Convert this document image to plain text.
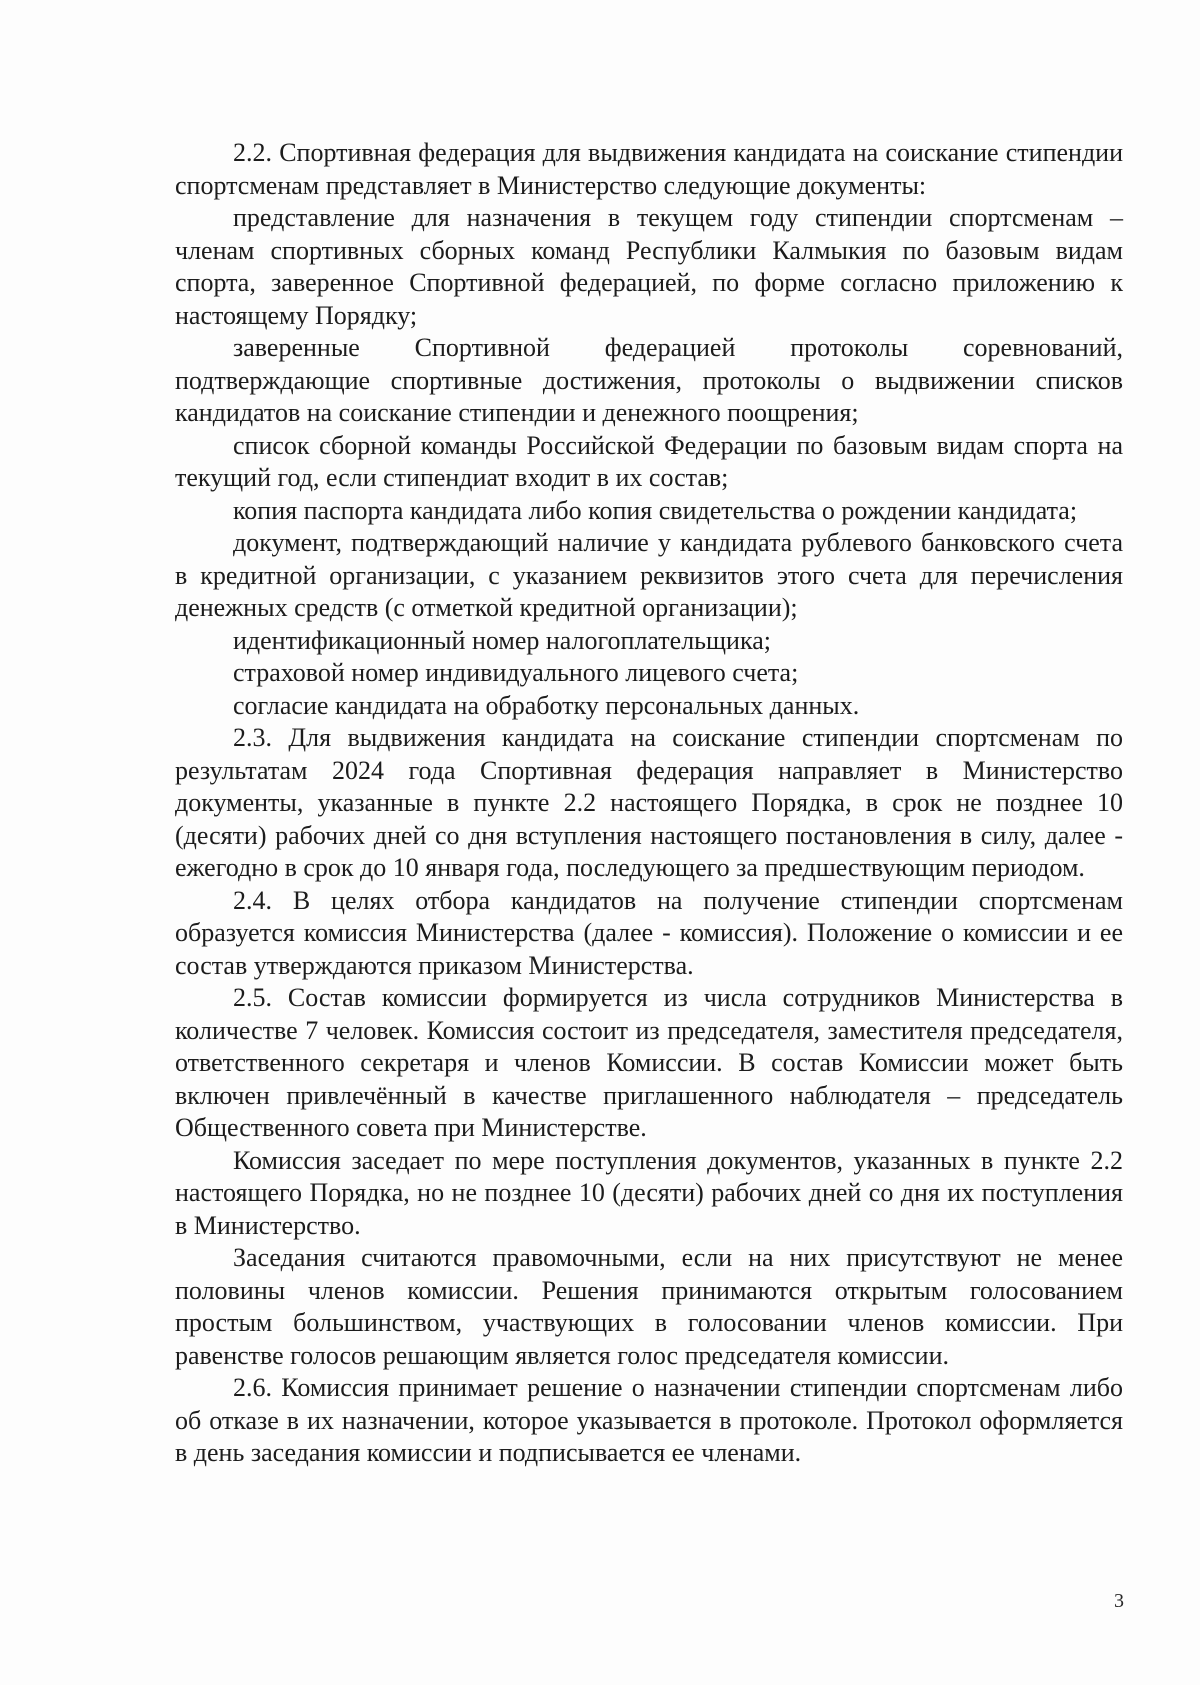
2.2. Спортивная федерация для выдвижения кандидата на соискание стипендии спортсменам представляет в Министерство следующие документы:

представление для назначения в текущем году стипендии спортсменам – членам спортивных сборных команд Республики Калмыкия по базовым видам спорта, заверенное Спортивной федерацией, по форме согласно приложению к настоящему Порядку;

заверенные Спортивной федерацией протоколы соревнований, подтверждающие спортивные достижения, протоколы о выдвижении списков кандидатов на соискание стипендии и денежного поощрения;

список сборной команды Российской Федерации по базовым видам спорта на текущий год, если стипендиат входит в их состав;

копия паспорта кандидата либо копия свидетельства о рождении кандидата;

документ, подтверждающий наличие у кандидата рублевого банковского счета в кредитной организации, с указанием реквизитов этого счета для перечисления денежных средств (с отметкой кредитной организации);

идентификационный номер налогоплательщика;

страховой номер индивидуального лицевого счета;

согласие кандидата на обработку персональных данных.

2.3. Для выдвижения кандидата на соискание стипендии спортсменам по результатам 2024 года Спортивная федерация направляет в Министерство документы, указанные в пункте 2.2 настоящего Порядка, в срок не позднее 10 (десяти) рабочих дней со дня вступления настоящего постановления в силу, далее - ежегодно в срок до 10 января года, последующего за предшествующим периодом.

2.4. В целях отбора кандидатов на получение стипендии спортсменам образуется комиссия Министерства (далее - комиссия). Положение о комиссии и ее состав утверждаются приказом Министерства.

2.5. Состав комиссии формируется из числа сотрудников Министерства в количестве 7 человек. Комиссия состоит из председателя, заместителя председателя, ответственного секретаря и членов Комиссии. В состав Комиссии может быть включен привлечённый в качестве приглашенного наблюдателя – председатель Общественного совета при Министерстве.

Комиссия заседает по мере поступления документов, указанных в пункте 2.2 настоящего Порядка, но не позднее 10 (десяти) рабочих дней со дня их поступления в Министерство.

Заседания считаются правомочными, если на них присутствуют не менее половины членов комиссии. Решения принимаются открытым голосованием простым большинством, участвующих в голосовании членов комиссии. При равенстве голосов решающим является голос председателя комиссии.

2.6. Комиссия принимает решение о назначении стипендии спортсменам либо об отказе в их назначении, которое указывается в протоколе. Протокол оформляется в день заседания комиссии и подписывается ее членами.

3
